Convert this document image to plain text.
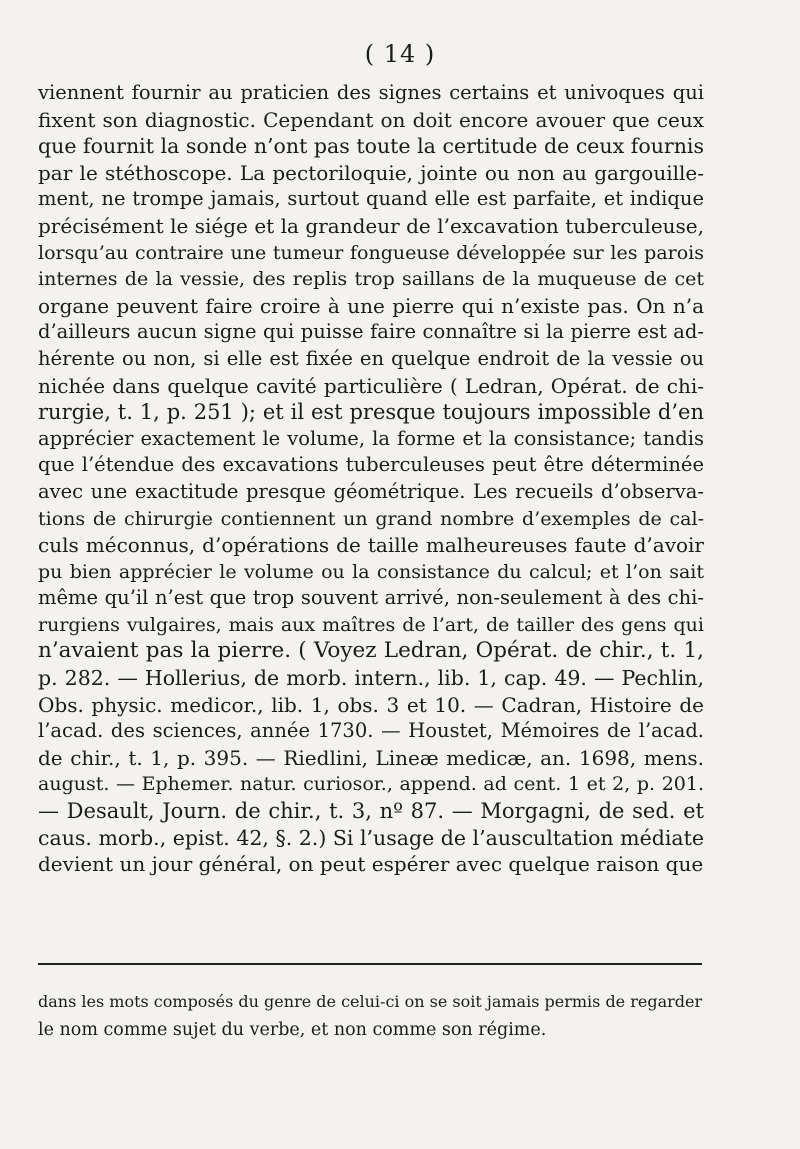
( 14 )
viennent fournir au praticien des signes certains et univoques qui
fixent son diagnostic. Cependant on doit encore avouer que ceux
que fournit la sonde n’ont pas toute la certitude de ceux fournis
par le stéthoscope. La pectoriloquie, jointe ou non au gargouille-
ment, ne trompe jamais, surtout quand elle est parfaite, et indique
précisément le siége et la grandeur de l’excavation tuberculeuse,
lorsqu’au contraire une tumeur fongueuse développée sur les parois
internes de la vessie, des replis trop saillans de la muqueuse de cet
organe peuvent faire croire à une pierre qui n’existe pas. On n’a
d’ailleurs aucun signe qui puisse faire connaître si la pierre est ad-
hérente ou non, si elle est fixée en quelque endroit de la vessie ou
nichée dans quelque cavité particulière ( Ledran, Opérat. de chi-
rurgie, t. 1, p. 251 ); et il est presque toujours impossible d’en
apprécier exactement le volume, la forme et la consistance; tandis
que l’étendue des excavations tuberculeuses peut être déterminée
avec une exactitude presque géométrique. Les recueils d’observa-
tions de chirurgie contiennent un grand nombre d’exemples de cal-
culs méconnus, d’opérations de taille malheureuses faute d’avoir
pu bien apprécier le volume ou la consistance du calcul; et l’on sait
même qu’il n’est que trop souvent arrivé, non-seulement à des chi-
rurgiens vulgaires, mais aux maîtres de l’art, de tailler des gens qui
n’avaient pas la pierre. ( Voyez Ledran, Opérat. de chir., t. 1,
p. 282. — Hollerius, de morb. intern., lib. 1, cap. 49. — Pechlin,
Obs. physic. medicor., lib. 1, obs. 3 et 10. — Cadran, Histoire de
l’acad. des sciences, année 1730. — Houstet, Mémoires de l’acad.
de chir., t. 1, p. 395. — Riedlini, Lineæ medicæ, an. 1698, mens.
august. — Ephemer. natur. curiosor., append. ad cent. 1 et 2, p. 201.
— Desault, Journ. de chir., t. 3, nº 87. — Morgagni, de sed. et
caus. morb., epist. 42, §. 2.) Si l’usage de l’auscultation médiate
devient un jour général, on peut espérer avec quelque raison que
dans les mots composés du genre de celui-ci on se soit jamais permis de regarder
le nom comme sujet du verbe, et non comme son régime.
